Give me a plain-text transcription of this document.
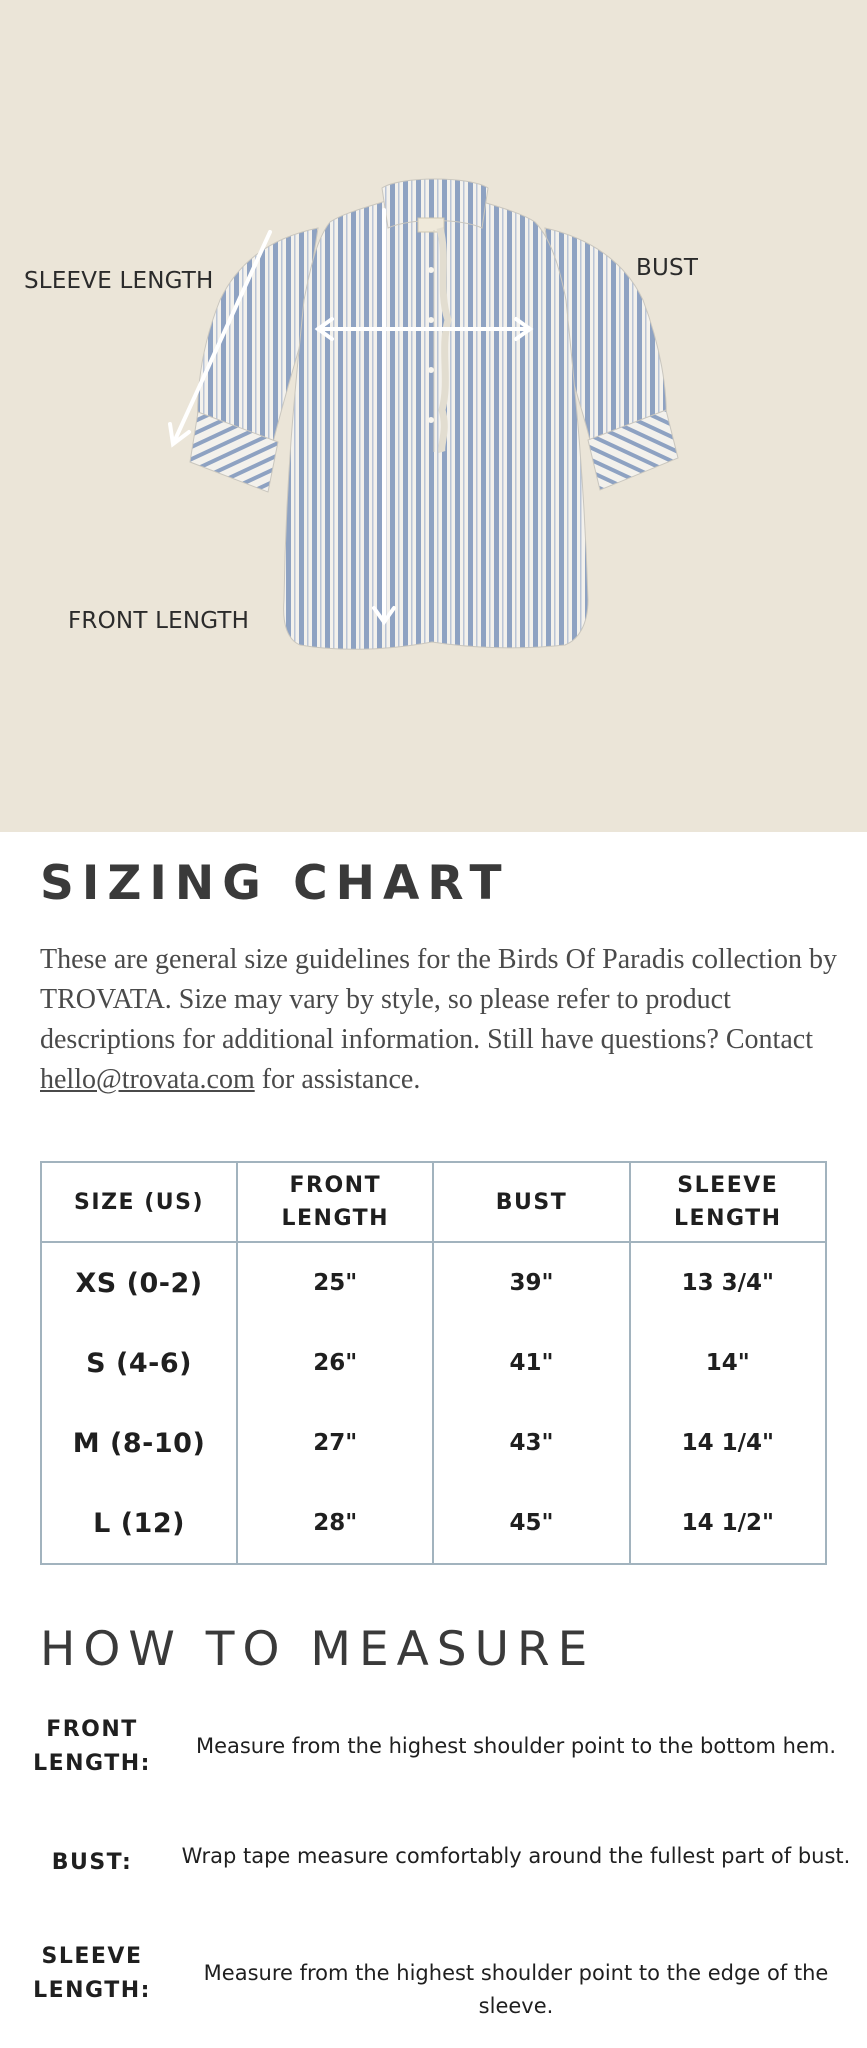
SLEEVE LENGTH	BUST
FRONT LENGTH
SIZING CHART

These are general size guidelines for the Birds Of Paradis collection by TROVATA. Size may vary by style, so please refer to product descriptions for additional information. Still have questions? Contact hello@trovata.com for assistance.

SIZE (US)	FRONT LENGTH	BUST	SLEEVE LENGTH
XS (0-2)	25"	39"	13 3/4"
S (4-6)	26"	41"	14"
M (8-10)	27"	43"	14 1/4"
L (12)	28"	45"	14 1/2"
HOW TO MEASURE
FRONT LENGTH:
Measure from the highest shoulder point to the bottom hem.
BUST:	Wrap tape measure comfortably around the fullest part of bust.
SLEEVE LENGTH:
Measure from the highest shoulder point to the edge of the sleeve.
